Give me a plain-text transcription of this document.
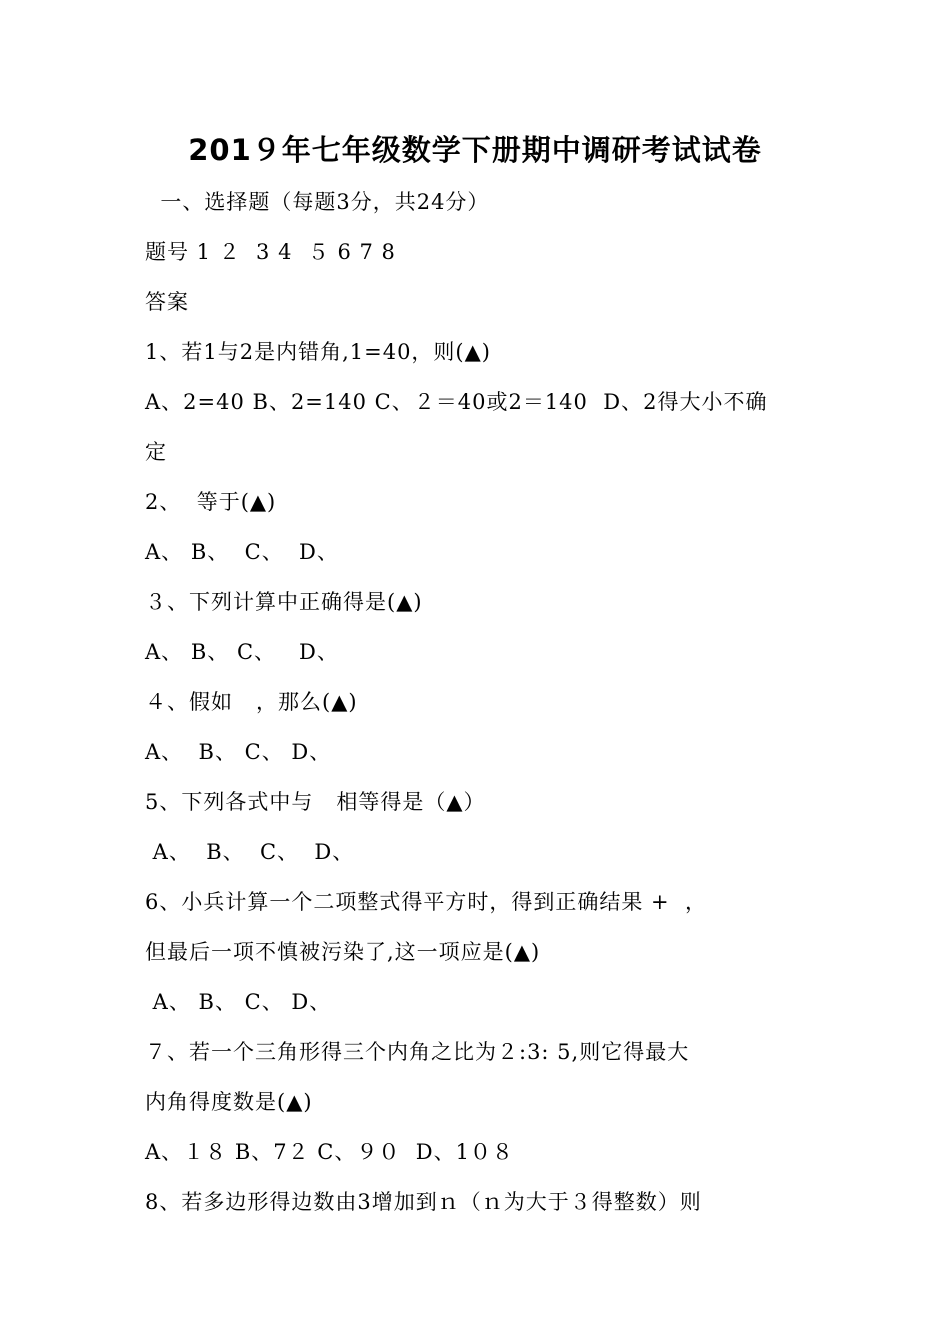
201９年七年级数学下册期中调研考试试卷
一、选择题（每题3分，共24分）
题号 1 ２  3 4  ５ 6 7 8
答案
1、若1与2是内错角,1=40，则(▲)
A、2=40 B、2=140 C、２＝40或2＝140  D、2得大小不确
定
2、  等于(▲)
A、 B、  C、  D、
３、下列计算中正确得是(▲)
A、 B、 C、   D、
４、假如   ，那么(▲)
A、  B、 C、 D、
5、下列各式中与   相等得是（▲）
A、  B、  C、  D、
6、小兵计算一个二项整式得平方时，得到正确结果 +  ，
但最后一项不慎被污染了,这一项应是(▲)
A、 B、 C、 D、
７、若一个三角形得三个内角之比为２:3: 5,则它得最大
内角得度数是(▲)
A、１８ B、7２ C、９０  D、1０８
8、若多边形得边数由3增加到ｎ（ｎ为大于３得整数）则
